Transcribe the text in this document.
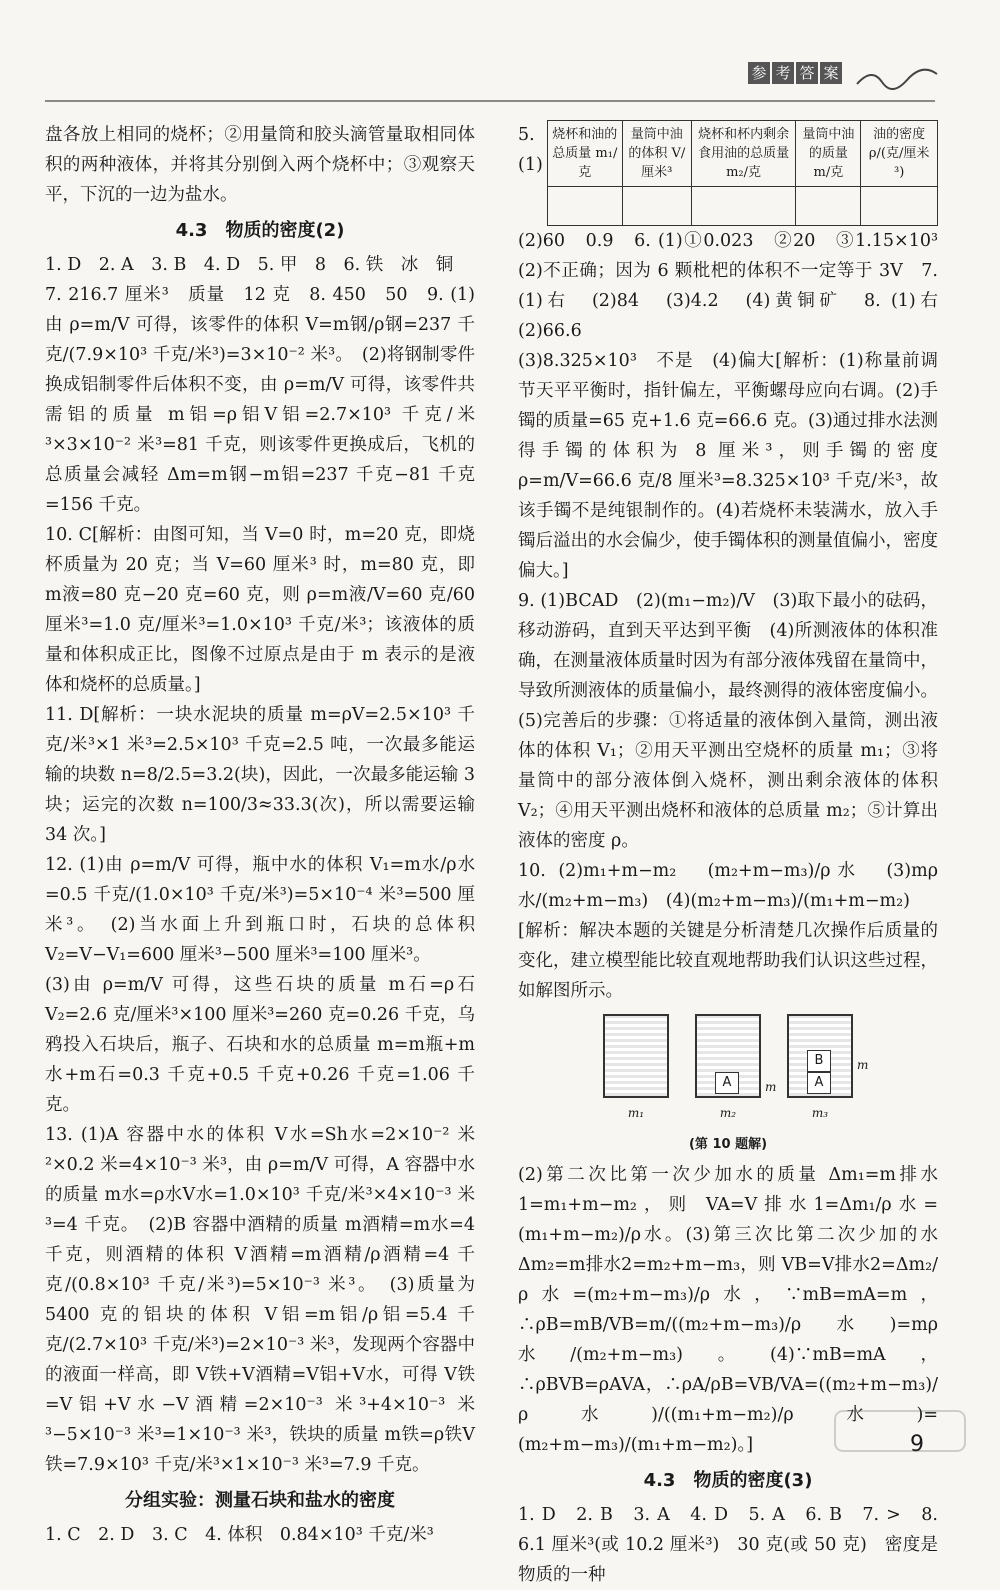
参 考 答 案

盘各放上相同的烧杯；②用量筒和胶头滴管量取相同体积的两种液体，并将其分别倒入两个烧杯中；③观察天平，下沉的一边为盐水。

4.3　物质的密度(2)

1. D　2. A　3. B　4. D　5. 甲　8　6. 铁　冰　铜

7. 216.7 厘米³　质量　12 克　8. 450　50　9. (1)由 ρ=m/V 可得，该零件的体积 V=m钢/ρ钢=237 千克/(7.9×10³ 千克/米³)=3×10⁻² 米³。　(2)将钢制零件换成铝制零件后体积不变，由 ρ=m/V 可得，该零件共需铝的质量 m铝=ρ铝V铝=2.7×10³ 千克/米³×3×10⁻² 米³=81 千克，则该零件更换成后，飞机的总质量会减轻 Δm=m钢−m铝=237 千克−81 千克=156 千克。

10. C[解析：由图可知，当 V=0 时，m=20 克，即烧杯质量为 20 克；当 V=60 厘米³ 时，m=80 克，即 m液=80 克−20 克=60 克，则 ρ=m液/V=60 克/60 厘米³=1.0 克/厘米³=1.0×10³ 千克/米³；该液体的质量和体积成正比，图像不过原点是由于 m 表示的是液体和烧杯的总质量。]

11. D[解析：一块水泥块的质量 m=ρV=2.5×10³ 千克/米³×1 米³=2.5×10³ 千克=2.5 吨，一次最多能运输的块数 n=8/2.5=3.2(块)，因此，一次最多能运输 3 块；运完的次数 n=100/3≈33.3(次)，所以需要运输 34 次。]

12. (1)由 ρ=m/V 可得，瓶中水的体积 V₁=m水/ρ水=0.5 千克/(1.0×10³ 千克/米³)=5×10⁻⁴ 米³=500 厘米³。　(2)当水面上升到瓶口时，石块的总体积 V₂=V−V₁=600 厘米³−500 厘米³=100 厘米³。

(3)由 ρ=m/V 可得，这些石块的质量 m石=ρ石V₂=2.6 克/厘米³×100 厘米³=260 克=0.26 千克，乌鸦投入石块后，瓶子、石块和水的总质量 m=m瓶+m水+m石=0.3 千克+0.5 千克+0.26 千克=1.06 千克。

13. (1)A 容器中水的体积 V水=Sh水=2×10⁻² 米²×0.2 米=4×10⁻³ 米³，由 ρ=m/V 可得，A 容器中水的质量 m水=ρ水V水=1.0×10³ 千克/米³×4×10⁻³ 米³=4 千克。　(2)B 容器中酒精的质量 m酒精=m水=4 千克，则酒精的体积 V酒精=m酒精/ρ酒精=4 千克/(0.8×10³ 千克/米³)=5×10⁻³ 米³。　(3)质量为 5400 克的铝块的体积 V铝=m铝/ρ铝=5.4 千克/(2.7×10³ 千克/米³)=2×10⁻³ 米³，发现两个容器中的液面一样高，即 V铁+V酒精=V铝+V水，可得 V铁=V铝+V水−V酒精=2×10⁻³ 米³+4×10⁻³ 米³−5×10⁻³ 米³=1×10⁻³ 米³，铁块的质量 m铁=ρ铁V铁=7.9×10³ 千克/米³×1×10⁻³ 米³=7.9 千克。

分组实验：测量石块和盐水的密度

1. C　2. D　3. C　4. 体积　0.84×10³ 千克/米³

5. (1)
烧杯和油的总质量 m₁/克	量筒中油的体积 V/厘米³	烧杯和杯内剩余食用油的总质量 m₂/克	量筒中油的质量 m/克	油的密度 ρ/(克/厘米³)

(2)60　0.9　6. (1)①0.023　②20　③1.15×10³　(2)不正确；因为 6 颗枇杷的体积不一定等于 3V　7. (1)右　(2)84　(3)4.2　(4)黄铜矿　8. (1)右　(2)66.6

(3)8.325×10³　不是　(4)偏大[解析：(1)称量前调节天平平衡时，指针偏左，平衡螺母应向右调。(2)手镯的质量=65 克+1.6 克=66.6 克。(3)通过排水法测得手镯的体积为 8 厘米³，则手镯的密度 ρ=m/V=66.6 克/8 厘米³=8.325×10³ 千克/米³，故该手镯不是纯银制作的。(4)若烧杯未装满水，放入手镯后溢出的水会偏少，使手镯体积的测量值偏小，密度偏大。]

9. (1)BCAD　(2)(m₁−m₂)/V　(3)取下最小的砝码，移动游码，直到天平达到平衡　(4)所测液体的体积准确，在测量液体质量时因为有部分液体残留在量筒中，导致所测液体的质量偏小，最终测得的液体密度偏小。

(5)完善后的步骤：①将适量的液体倒入量筒，测出液体的体积 V₁；②用天平测出空烧杯的质量 m₁；③将量筒中的部分液体倒入烧杯，测出剩余液体的体积 V₂；④用天平测出烧杯和液体的总质量 m₂；⑤计算出液体的密度 ρ。

10. (2)m₁+m−m₂　(m₂+m−m₃)/ρ水　(3)mρ水/(m₂+m−m₃)　(4)(m₂+m−m₃)/(m₁+m−m₂)

[解析：解决本题的关键是分析清楚几次操作后质量的变化，建立模型能比较直观地帮助我们认识这些过程，如解图所示。

m₁
A
m₂
m
B
A
m₃
m
(第 10 题解)

(2)第二次比第一次少加水的质量 Δm₁=m排水1=m₁+m−m₂，则 VA=V排水1=Δm₁/ρ水=(m₁+m−m₂)/ρ水。(3)第三次比第二次少加的水 Δm₂=m排水2=m₂+m−m₃，则 VB=V排水2=Δm₂/ρ水=(m₂+m−m₃)/ρ水，∵mB=mA=m，∴ρB=mB/VB=m/((m₂+m−m₃)/ρ水)=mρ水/(m₂+m−m₃)。(4)∵mB=mA，∴ρBVB=ρAVA，∴ρA/ρB=VB/VA=((m₂+m−m₃)/ρ水)/((m₁+m−m₂)/ρ水)=(m₂+m−m₃)/(m₁+m−m₂)。]

4.3　物质的密度(3)

1. D　2. B　3. A　4. D　5. A　6. B　7. >　8. 6.1 厘米³(或 10.2 厘米³)　30 克(或 50 克)　密度是物质的一种

9
